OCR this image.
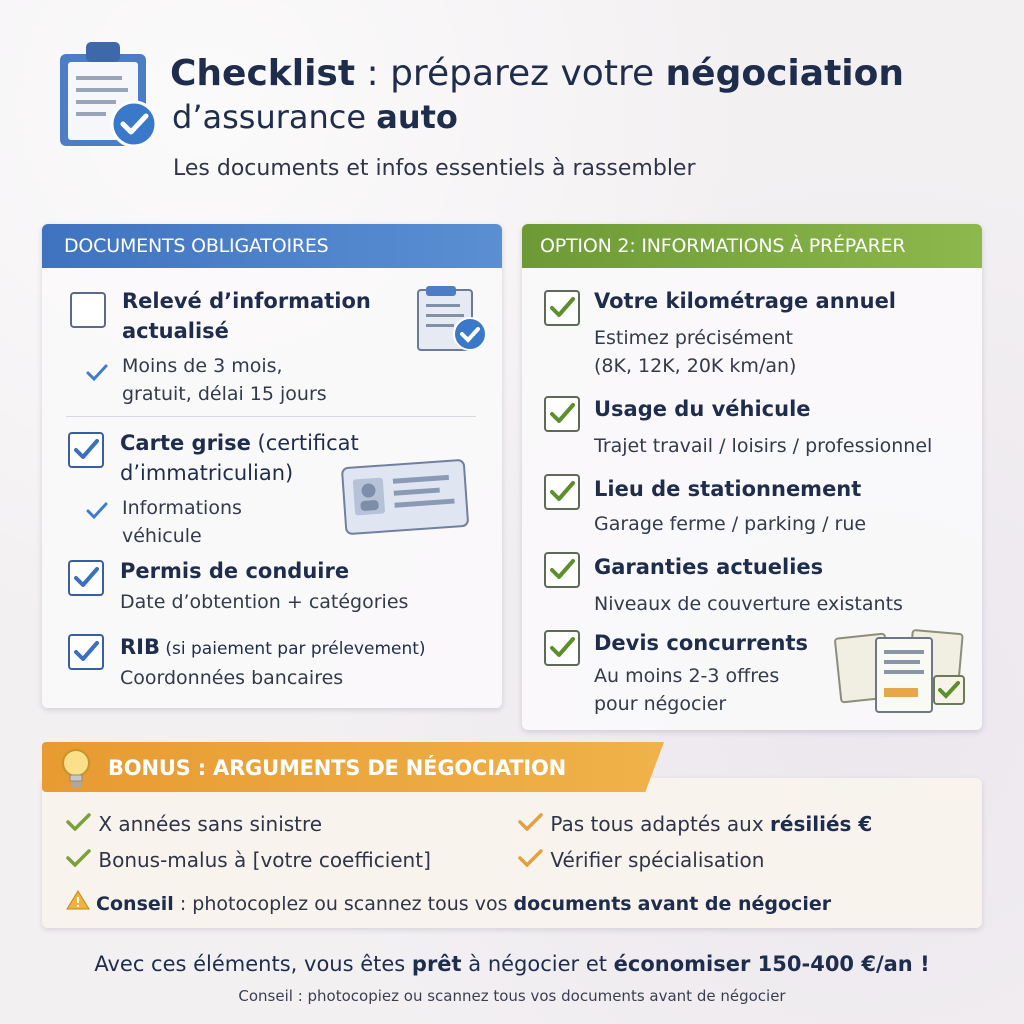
Checklist : préparez votre négociation
d’assurance auto
Les documents et infos essentiels à rassembler
DOCUMENTS OBLIGATOIRES
Relevé d’information
actualisé
Moins de 3 mois,
gratuit, délai 15 jours
Carte grise (certificat
d’immatriculian)
Informations
véhicule
Permis de conduire
Date d’obtention + catégories
RIB (si paiement par prélevement)
Coordonnées bancaires
OPTION 2: INFORMATIONS À PRÉPARER
Votre kilométrage annuel
Estimez précisément
(8K, 12K, 20K km/an)
Usage du véhicule
Trajet travail / loisirs / professionnel
Lieu de stationnement
Garage ferme / parking / rue
Garanties actuelies
Niveaux de couverture existants
Devis concurrents
Au moins 2-3 offres
pour négocier
BONUS : ARGUMENTS DE NÉGOCIATION
X années sans sinistre
Bonus-malus à [votre coefficient]
Pas tous adaptés aux résiliés €
Vérifier spécialisation
Conseil : photocoplez ou scannez tous vos documents avant de négocier
Avec ces éléments, vous êtes prêt à négocier et économiser 150-400 €/an !
Conseil : photocopiez ou scannez tous vos documents avant de négocier
